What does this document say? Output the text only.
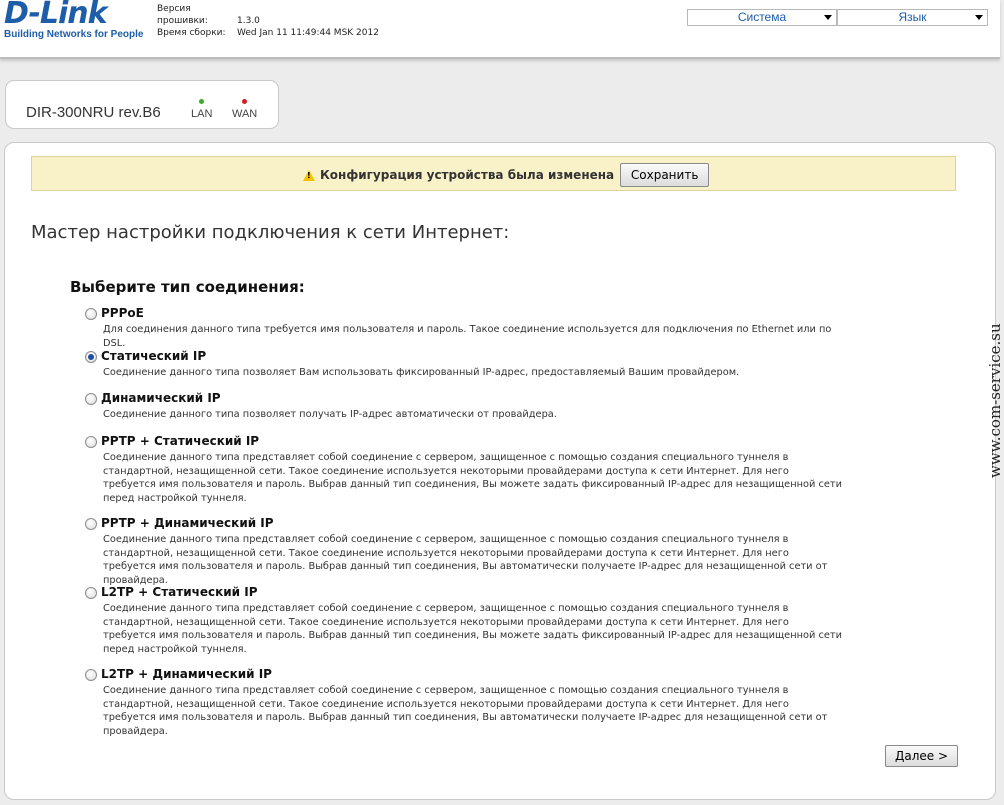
D-Link
Building Networks for People
Версия прошивки:	1.3.0
Время сборки: Wed Jan 11 11:49:44 MSK 2012
Система	Язык
DIR-300NRU rev.B6	LAN WAN
!
Конфигурация устройства была изменена	Сохранить
Мастер настройки подключения к сети Интернет:
Выберите тип соединения:
PPPoE
Для соединения данного типа требуется имя пользователя и пароль. Такое соединение используется для подключения по Ethernet или по DSL.
Статический IP
Соединение данного типа позволяет Вам использовать фиксированный IP-адрес, предоставляемый Вашим провайдером.
Динамический IP
Соединение данного типа позволяет получать IP-адрес автоматически от провайдера.
PPTP + Статический IP
Соединение данного типа представляет собой соединение с сервером, защищенное с помощью создания специального туннеля в стандартной, незащищенной сети. Такое соединение используется некоторыми провайдерами доступа к сети Интернет. Для него требуется имя пользователя и пароль. Выбрав данный тип соединения, Вы можете задать фиксированный IP-адрес для незащищенной сети перед настройкой туннеля.
PPTP + Динамический IP
Соединение данного типа представляет собой соединение с сервером, защищенное с помощью создания специального туннеля в стандартной, незащищенной сети. Такое соединение используется некоторыми провайдерами доступа к сети Интернет. Для него требуется имя пользователя и пароль. Выбрав данный тип соединения, Вы автоматически получаете IP-адрес для незащищенной сети от провайдера.
L2TP + Статический IP
Соединение данного типа представляет собой соединение с сервером, защищенное с помощью создания специального туннеля в стандартной, незащищенной сети. Такое соединение используется некоторыми провайдерами доступа к сети Интернет. Для него требуется имя пользователя и пароль. Выбрав данный тип соединения, Вы можете задать фиксированный IP-адрес для незащищенной сети перед настройкой туннеля.
L2TP + Динамический IP
Соединение данного типа представляет собой соединение с сервером, защищенное с помощью создания специального туннеля в стандартной, незащищенной сети. Такое соединение используется некоторыми провайдерами доступа к сети Интернет. Для него требуется имя пользователя и пароль. Выбрав данный тип соединения, Вы автоматически получаете IP-адрес для незащищенной сети от провайдера.
Далее >
www.com-service.su
